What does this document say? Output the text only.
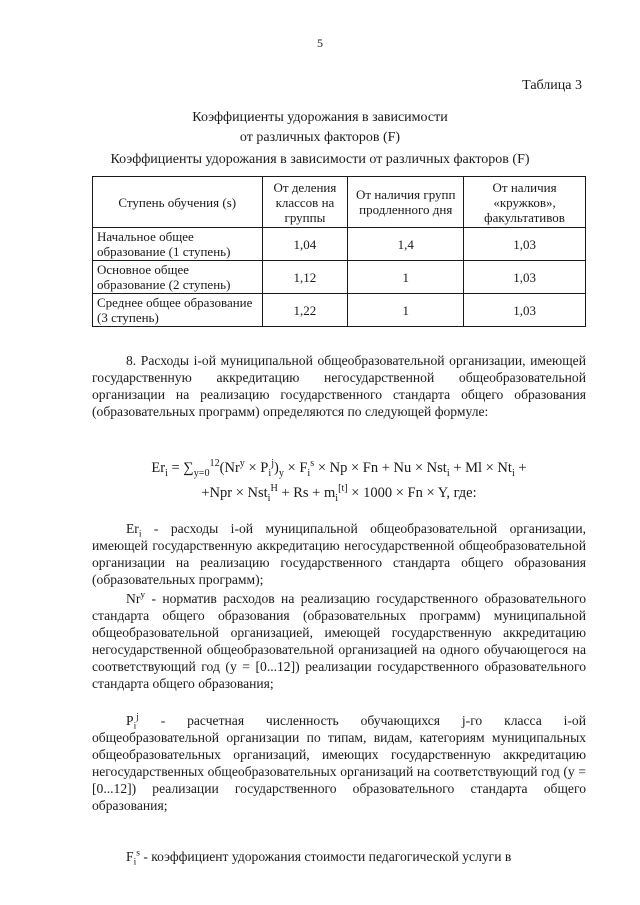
5
Таблица 3
Коэффициенты удорожания в зависимости
от различных факторов (F)
Коэффициенты удорожания в зависимости от различных факторов (F)
Ступень обучения (s)	От деления классов на группы	От наличия групп продленного дня	От наличия «кружков», факультативов
Начальное общее образование (1 ступень)	1,04	1,4	1,03
Основное общее образование (2 ступень)	1,12	1	1,03
Среднее общее образование (3 ступень)	1,22	1	1,03
8. Расходы i-ой муниципальной общеобразовательной организации, имеющей государственную аккредитацию негосударственной общеобразовательной организации на реализацию государственного стандарта общего образования (образовательных программ) определяются по следующей формуле:
$Er_i = \sum_{y=0}^{12}(Nr^y \times P_i^j)_y \times F_i^s \times Np \times Fn + Nu \times Nst_i + Ml \times Nt_i$ +
$+Npr \times Nst_i^H + Rs + m_i[t] \times 1000 \times Fn \times Y$, где:
$Er_i$ - расходы i-ой муниципальной общеобразовательной организации, имеющей государственную аккредитацию негосударственной общеобразовательной организации на реализацию государственного стандарта общего образования (образовательных программ);
Nr$^y$ - норматив расходов на реализацию государственного образовательного стандарта общего образования (образовательных программ) муниципальной общеобразовательной организацией, имеющей государственную аккредитацию негосударственной общеобразовательной организацией на одного обучающегося на соответствующий год (y = [0...12]) реализации государственного образовательного стандарта общего образования;
$P_i^j$ - расчетная численность обучающихся j-го класса i-ой общеобразовательной организации по типам, видам, категориям муниципальных общеобразовательных организаций, имеющих государственную аккредитацию негосударственных общеобразовательных организаций на соответствующий год (y = [0...12]) реализации государственного образовательного стандарта общего образования;
$F_i^s$ - коэффициент удорожания стоимости педагогической услуги в
